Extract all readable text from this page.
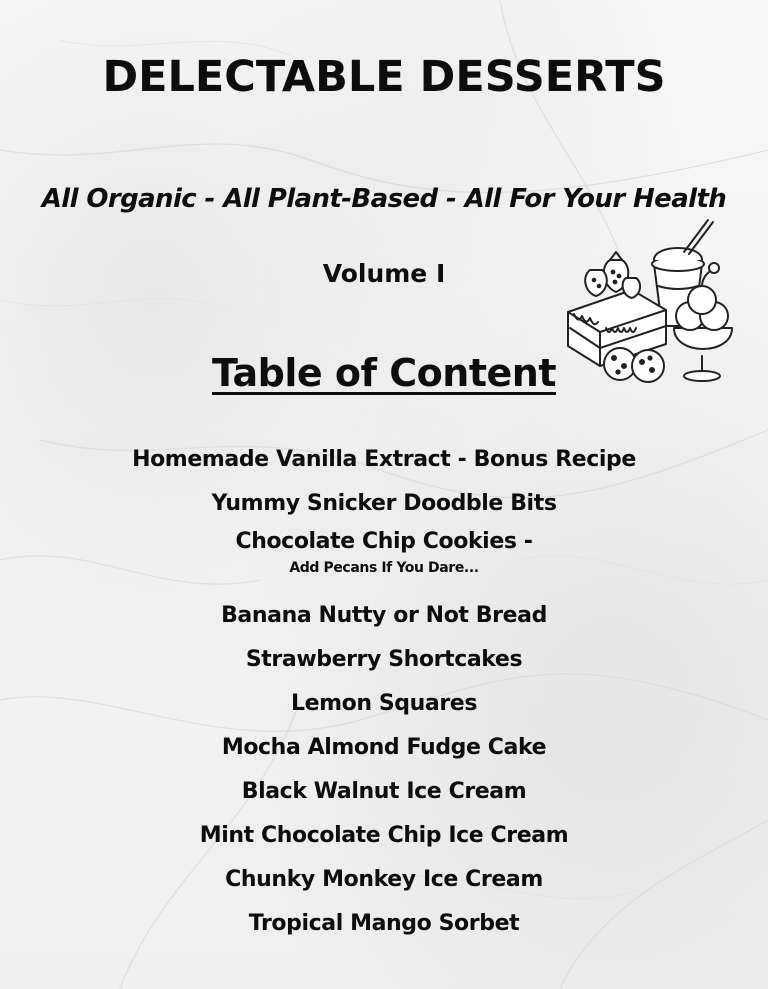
DELECTABLE DESSERTS
All Organic - All Plant-Based - All For Your Health
Volume I
Table of Content
Homemade Vanilla Extract - Bonus Recipe
Yummy Snicker Doodble Bits
Chocolate Chip Cookies -
Add Pecans If You Dare...
Banana Nutty or Not Bread
Strawberry Shortcakes
Lemon Squares
Mocha Almond Fudge Cake
Black Walnut Ice Cream
Mint Chocolate Chip Ice Cream
Chunky Monkey Ice Cream
Tropical Mango Sorbet
